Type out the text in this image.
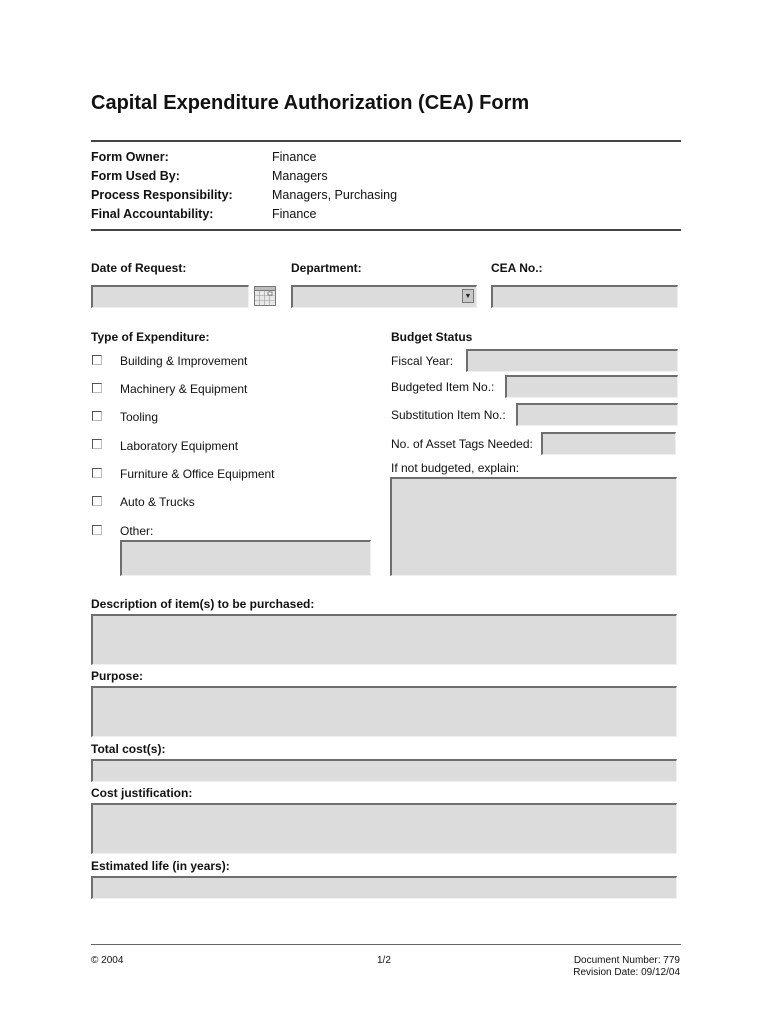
Capital Expenditure Authorization (CEA) Form
Form Owner:	Finance
Form Used By:	Managers
Process Responsibility:	Managers, Purchasing
Final Accountability:	Finance
Date of Request:	Department:	CEA No.:
▼
Type of Expenditure:
Building & Improvement
Machinery & Equipment
Tooling
Laboratory Equipment
Furniture & Office Equipment
Auto & Trucks
Other:
Budget Status
Fiscal Year:
Budgeted Item No.:
Substitution Item No.:
No. of Asset Tags Needed:
If not budgeted, explain:
Description of item(s) to be purchased:
Purpose:
Total cost(s):
Cost justification:
Estimated life (in years):
© 2004	1/2	Document Number: 779
Revision Date: 09/12/04
